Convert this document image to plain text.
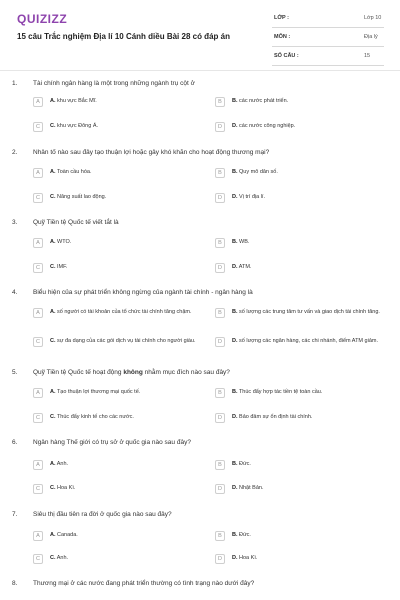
QUIZIZZ
15 câu Trắc nghiệm Địa lí 10 Cánh diều Bài 28 có đáp án
LỚP :	Lớp 10
MÔN :	Địa lý
SỐ CÂU :	15
1. Tài chính ngân hàng là một trong những ngành trụ cột ở
A	A. khu vực Bắc Mĩ.	B	B. các nước phát triển.
C	C. khu vực Đông Á.	D	D. các nước công nghiệp.
2. Nhân tố nào sau đây tạo thuận lợi hoặc gây khó khăn cho hoạt động thương mại?
A	A. Toàn cầu hóa.	B	B. Quy mô dân số.
C	C. Năng suất lao động.	D	D. Vị trí địa lí.
3. Quỹ Tiền tệ Quốc tế viết tắt là
A	A. WTO.	B	B. WB.
C	C. IMF.	D	D. ATM.
4. Biểu hiện của sự phát triển không ngừng của ngành tài chính - ngân hàng là
A	A. số người có tài khoản của tổ chức tài chính tăng chậm.	B	B. số lượng các trung tâm tư vấn và giao dịch tài chính tăng.
C	C. sự đa dạng của các gói dịch vụ tài chính cho người giàu.	D	D. số lượng các ngân hàng, các chi nhánh, điểm ATM giảm.
5. Quỹ Tiền tệ Quốc tế hoạt động không nhằm mục đích nào sau đây?
A	A. Tạo thuận lợi thương mại quốc tế.	B	B. Thúc đẩy hợp tác tiền tệ toàn cầu.
C	C. Thúc đẩy kinh tế cho các nước.	D	D. Bảo đảm sự ổn định tài chính.
6. Ngân hàng Thế giới có trụ sở ở quốc gia nào sau đây?
A	A. Anh.	B	B. Đức.
C	C. Hoa Kì.	D	D. Nhật Bản.
7. Siêu thị đầu tiên ra đời ở quốc gia nào sau đây?
A	A. Canada.	B	B. Đức.
C	C. Anh.	D	D. Hoa Kì.
8. Thương mại ở các nước đang phát triển thường có tình trạng nào dưới đây?
